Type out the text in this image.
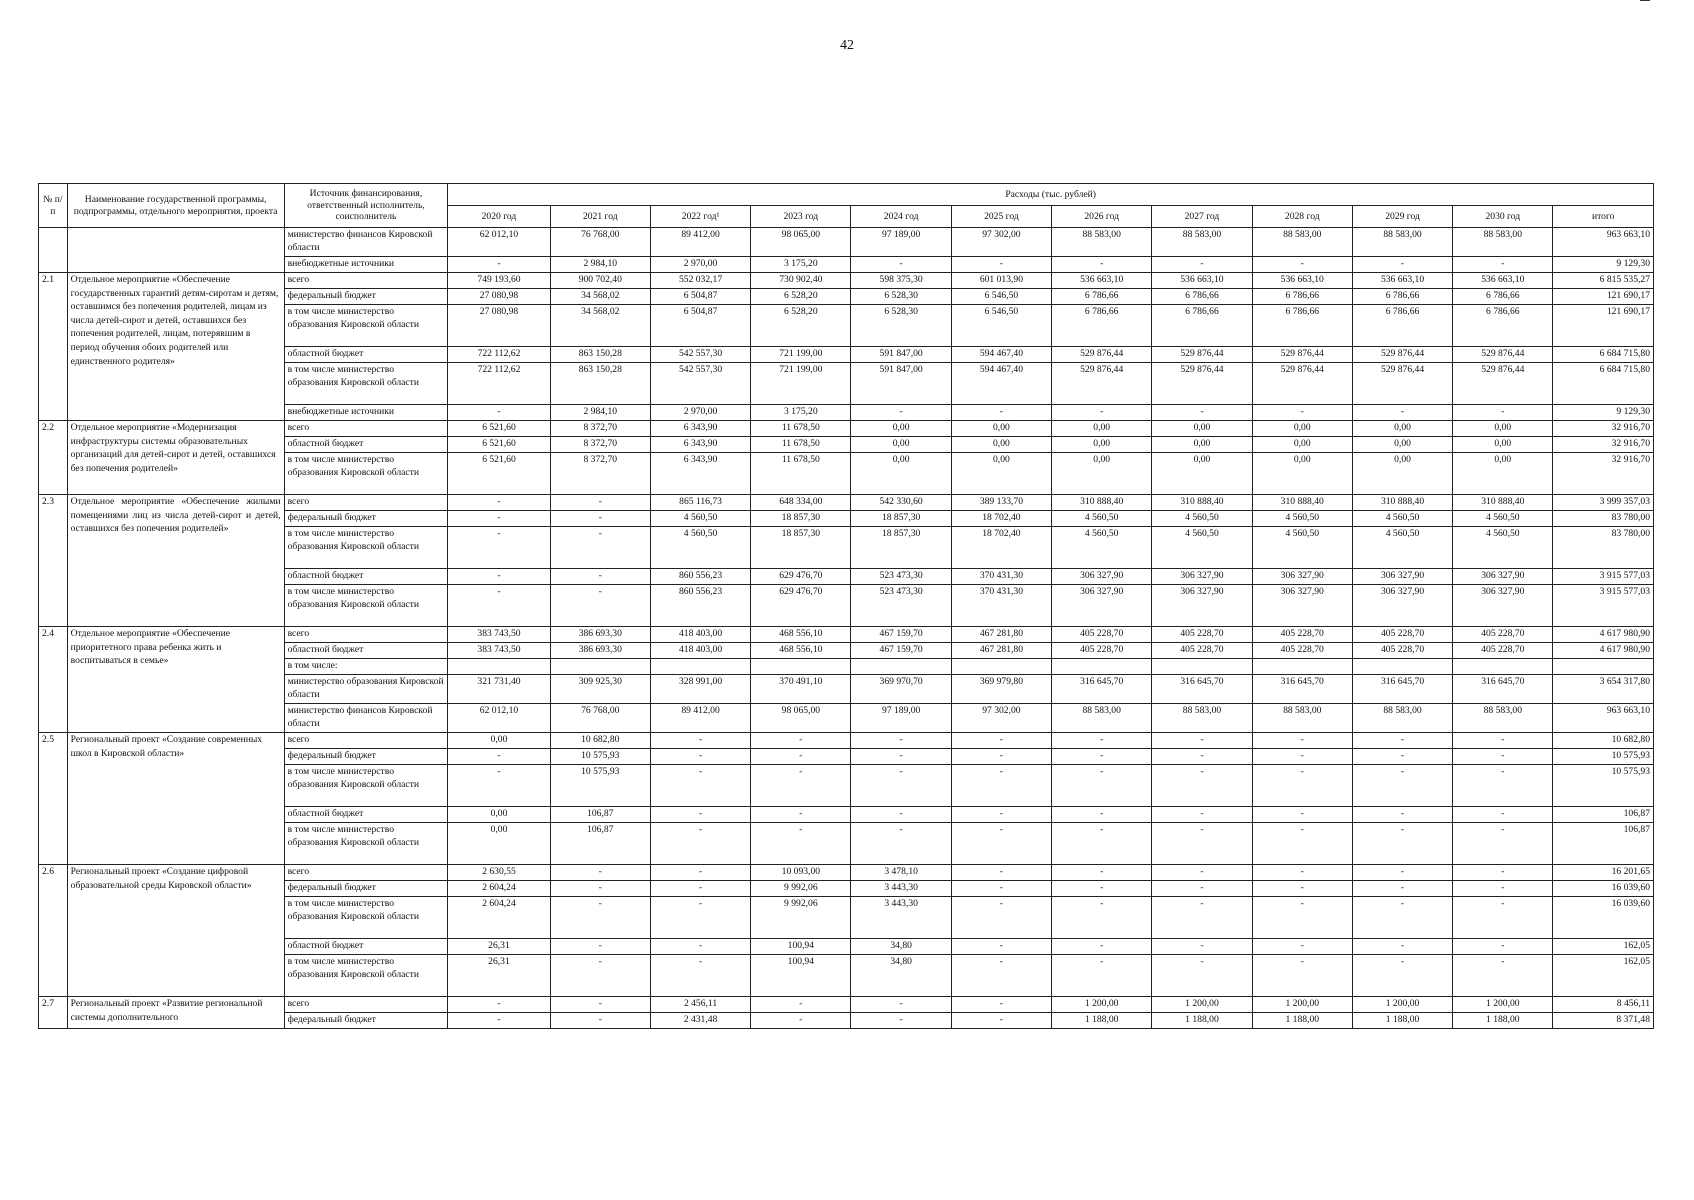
42
№ п/п	Наименование государственной программы, подпрограммы, отдельного мероприятия, проекта	Источник финансирования, ответственный исполнитель, соисполнитель	Расходы (тыс. рублей)											
			2020 год	2021 год	2022 год¹	2023 год	2024 год	2025 год	2026 год	2027 год	2028 год	2029 год	2030 год	итого
		министерство финансов Кировской области	62 012,10	76 768,00	89 412,00	98 065,00	97 189,00	97 302,00	88 583,00	88 583,00	88 583,00	88 583,00	88 583,00	963 663,10
		внебюджетные источники	-	2 984,10	2 970,00	3 175,20	-	-	-	-	-	-	-	9 129,30
2.1	Отдельное мероприятие «Обеспечение государственных гарантий детям-сиротам и детям, оставшимся без попечения родителей, лицам из числа детей-сирот и детей, оставшихся без попечения родителей, лицам, потерявшим в период обучения обоих родителей или единственного родителя»	всего	749 193,60	900 702,40	552 032,17	730 902,40	598 375,30	601 013,90	536 663,10	536 663,10	536 663,10	536 663,10	536 663,10	6 815 535,27
		федеральный бюджет	27 080,98	34 568,02	6 504,87	6 528,20	6 528,30	6 546,50	6 786,66	6 786,66	6 786,66	6 786,66	6 786,66	121 690,17
		в том числе министерство образования Кировской области	27 080,98	34 568,02	6 504,87	6 528,20	6 528,30	6 546,50	6 786,66	6 786,66	6 786,66	6 786,66	6 786,66	121 690,17
		областной бюджет	722 112,62	863 150,28	542 557,30	721 199,00	591 847,00	594 467,40	529 876,44	529 876,44	529 876,44	529 876,44	529 876,44	6 684 715,80
		в том числе министерство образования Кировской области	722 112,62	863 150,28	542 557,30	721 199,00	591 847,00	594 467,40	529 876,44	529 876,44	529 876,44	529 876,44	529 876,44	6 684 715,80
		внебюджетные источники	-	2 984,10	2 970,00	3 175,20	-	-	-	-	-	-	-	9 129,30
2.2	Отдельное мероприятие «Модернизация инфраструктуры системы образовательных организаций для детей-сирот и детей, оставшихся без попечения родителей»	всего	6 521,60	8 372,70	6 343,90	11 678,50	0,00	0,00	0,00	0,00	0,00	0,00	0,00	32 916,70
		областной бюджет	6 521,60	8 372,70	6 343,90	11 678,50	0,00	0,00	0,00	0,00	0,00	0,00	0,00	32 916,70
		в том числе министерство образования Кировской области	6 521,60	8 372,70	6 343,90	11 678,50	0,00	0,00	0,00	0,00	0,00	0,00	0,00	32 916,70
2.3	Отдельное мероприятие «Обеспечение жилыми помещениями лиц из числа детей-сирот и детей, оставшихся без попечения родителей»	всего	-	-	865 116,73	648 334,00	542 330,60	389 133,70	310 888,40	310 888,40	310 888,40	310 888,40	310 888,40	3 999 357,03
		федеральный бюджет	-	-	4 560,50	18 857,30	18 857,30	18 702,40	4 560,50	4 560,50	4 560,50	4 560,50	4 560,50	83 780,00
		в том числе министерство образования Кировской области	-	-	4 560,50	18 857,30	18 857,30	18 702,40	4 560,50	4 560,50	4 560,50	4 560,50	4 560,50	83 780,00
		областной бюджет	-	-	860 556,23	629 476,70	523 473,30	370 431,30	306 327,90	306 327,90	306 327,90	306 327,90	306 327,90	3 915 577,03
		в том числе министерство образования Кировской области	-	-	860 556,23	629 476,70	523 473,30	370 431,30	306 327,90	306 327,90	306 327,90	306 327,90	306 327,90	3 915 577,03
2.4	Отдельное мероприятие «Обеспечение приоритетного права ребенка жить и воспитываться в семье»	всего	383 743,50	386 693,30	418 403,00	468 556,10	467 159,70	467 281,80	405 228,70	405 228,70	405 228,70	405 228,70	405 228,70	4 617 980,90
		областной бюджет	383 743,50	386 693,30	418 403,00	468 556,10	467 159,70	467 281,80	405 228,70	405 228,70	405 228,70	405 228,70	405 228,70	4 617 980,90
		в том числе:												
		министерство образования Кировской области	321 731,40	309 925,30	328 991,00	370 491,10	369 970,70	369 979,80	316 645,70	316 645,70	316 645,70	316 645,70	316 645,70	3 654 317,80
		министерство финансов Кировской области	62 012,10	76 768,00	89 412,00	98 065,00	97 189,00	97 302,00	88 583,00	88 583,00	88 583,00	88 583,00	88 583,00	963 663,10
2.5	Региональный проект «Создание современных школ в Кировской области»	всего	0,00	10 682,80	-	-	-	-	-	-	-	-	-	10 682,80
		федеральный бюджет	-	10 575,93	-	-	-	-	-	-	-	-	-	10 575,93
		в том числе министерство образования Кировской области	-	10 575,93	-	-	-	-	-	-	-	-	-	10 575,93
		областной бюджет	0,00	106,87	-	-	-	-	-	-	-	-	-	106,87
		в том числе министерство образования Кировской области	0,00	106,87	-	-	-	-	-	-	-	-	-	106,87
2.6	Региональный проект «Создание цифровой образовательной среды Кировской области»	всего	2 630,55	-	-	10 093,00	3 478,10	-	-	-	-	-	-	16 201,65
		федеральный бюджет	2 604,24	-	-	9 992,06	3 443,30	-	-	-	-	-	-	16 039,60
		в том числе министерство образования Кировской области	2 604,24	-	-	9 992,06	3 443,30	-	-	-	-	-	-	16 039,60
		областной бюджет	26,31	-	-	100,94	34,80	-	-	-	-	-	-	162,05
		в том числе министерство образования Кировской области	26,31	-	-	100,94	34,80	-	-	-	-	-	-	162,05
2.7	Региональный проект «Развитие региональной системы дополнительного	всего	-	-	2 456,11	-	-	-	1 200,00	1 200,00	1 200,00	1 200,00	1 200,00	8 456,11
		федеральный бюджет	-	-	2 431,48	-	-	-	1 188,00	1 188,00	1 188,00	1 188,00	1 188,00	8 371,48
